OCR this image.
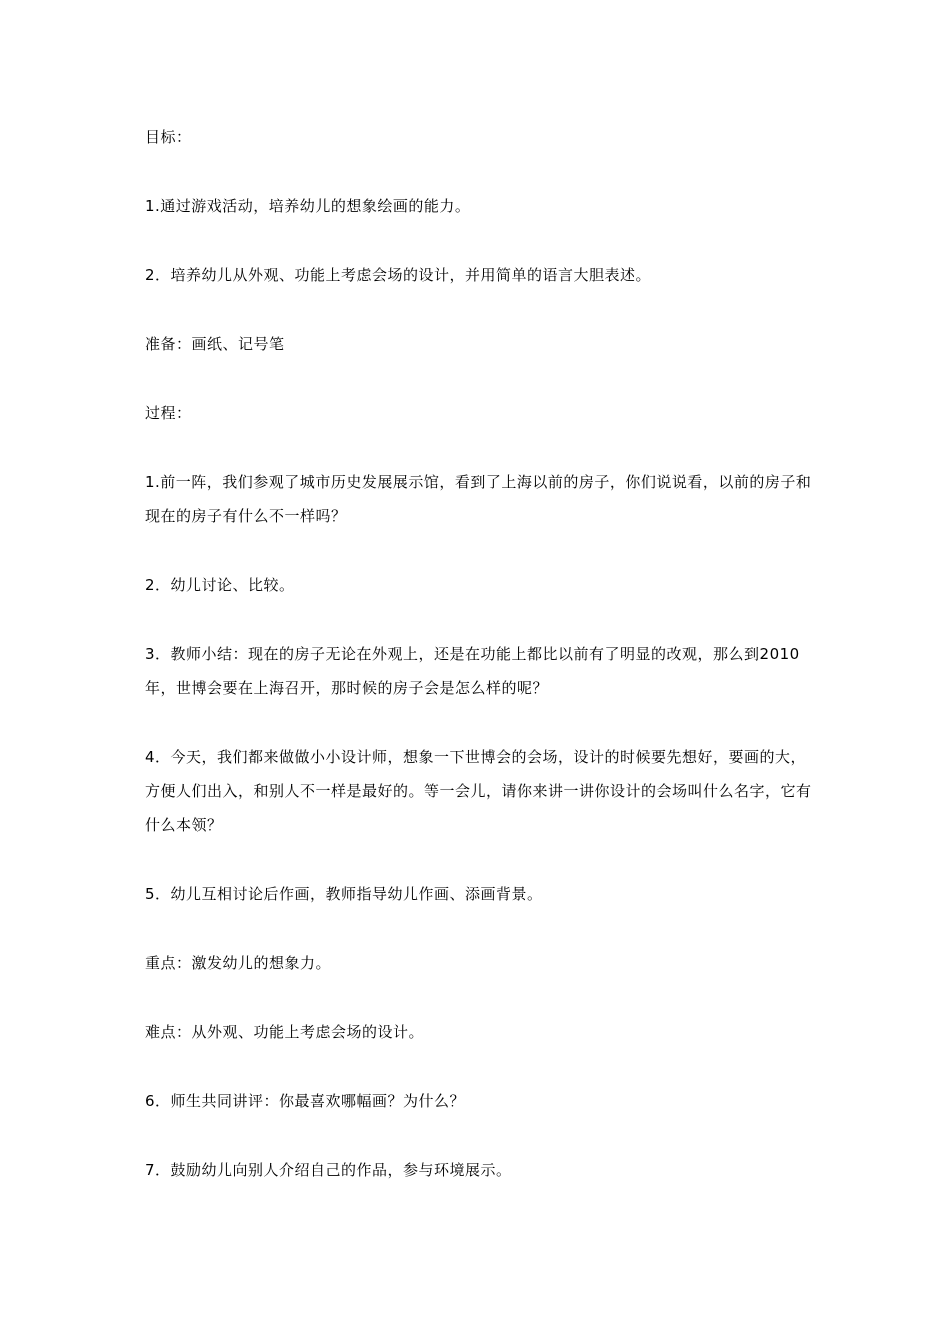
目标：

1.通过游戏活动，培养幼儿的想象绘画的能力。

2．培养幼儿从外观、功能上考虑会场的设计，并用简单的语言大胆表述。

准备：画纸、记号笔

过程：

1.前一阵，我们参观了城市历史发展展示馆，看到了上海以前的房子，你们说说看，以前的房子和现在的房子有什么不一样吗？

2．幼儿讨论、比较。

3．教师小结：现在的房子无论在外观上，还是在功能上都比以前有了明显的改观，那么到2010 年，世博会要在上海召开，那时候的房子会是怎么样的呢？

4．今天，我们都来做做小小设计师，想象一下世博会的会场，设计的时候要先想好，要画的大，方便人们出入，和别人不一样是最好的。等一会儿，请你来讲一讲你设计的会场叫什么名字，它有什么本领？

5．幼儿互相讨论后作画，教师指导幼儿作画、添画背景。

重点：激发幼儿的想象力。

难点：从外观、功能上考虑会场的设计。

6．师生共同讲评：你最喜欢哪幅画？为什么？

7．鼓励幼儿向别人介绍自己的作品，参与环境展示。
